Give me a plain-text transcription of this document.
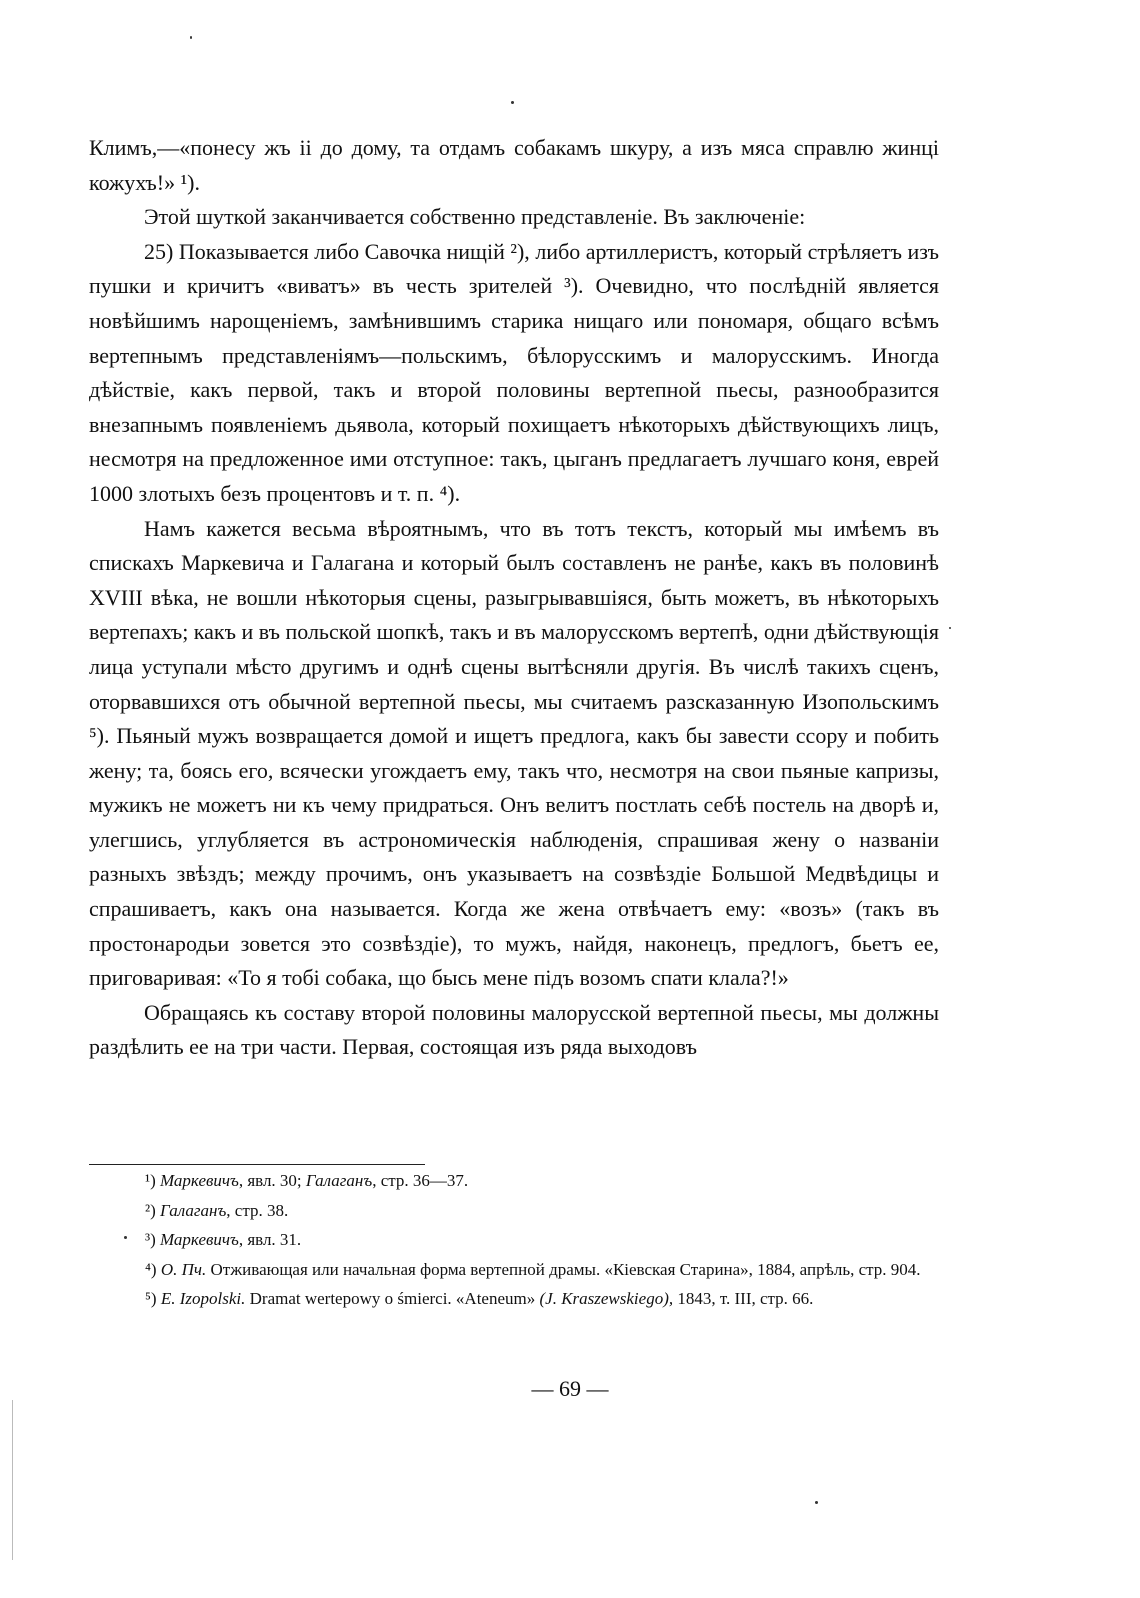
Климъ,—«понесу жъ ii до дому, та отдамъ собакамъ шкуру, а изъ мяса справлю жинці кожухъ!» ¹).

Этой шуткой заканчивается собственно представленіе. Въ заключеніе:

25) Показывается либо Савочка нищій ²), либо артиллеристъ, который стрѣляетъ изъ пушки и кричитъ «виватъ» въ честь зрителей ³). Очевидно, что послѣдній является новѣйшимъ нарощеніемъ, замѣнившимъ старика нищаго или пономаря, общаго всѣмъ вертепнымъ представленіямъ—польскимъ, бѣлорусскимъ и малорусскимъ. Иногда дѣйствіе, какъ первой, такъ и второй половины вертепной пьесы, разнообразится внезапнымъ появленіемъ дьявола, который похищаетъ нѣкоторыхъ дѣйствующихъ лицъ, несмотря на предложенное ими отступное: такъ, цыганъ предлагаетъ лучшаго коня, еврей 1000 злотыхъ безъ процентовъ и т. п. ⁴).

Намъ кажется весьма вѣроятнымъ, что въ тотъ текстъ, который мы имѣемъ въ спискахъ Маркевича и Галагана и который былъ составленъ не ранѣе, какъ въ половинѣ XVIII вѣка, не вошли нѣкоторыя сцены, разыгрывавшіяся, быть можетъ, въ нѣкоторыхъ вертепахъ; какъ и въ польской шопкѣ, такъ и въ малорусскомъ вертепѣ, одни дѣйствующія лица уступали мѣсто другимъ и однѣ сцены вытѣсняли другія. Въ числѣ такихъ сценъ, оторвавшихся отъ обычной вертепной пьесы, мы считаемъ разсказанную Изопольскимъ ⁵). Пьяный мужъ возвращается домой и ищетъ предлога, какъ бы завести ссору и побить жену; та, боясь его, всячески угождаетъ ему, такъ что, несмотря на свои пьяные капризы, мужикъ не можетъ ни къ чему придраться. Онъ велитъ постлать себѣ постель на дворѣ и, улегшись, углубляется въ астрономическія наблюденія, спрашивая жену о названіи разныхъ звѣздъ; между прочимъ, онъ указываетъ на созвѣздіе Большой Медвѣдицы и спрашиваетъ, какъ она называется. Когда же жена отвѣчаетъ ему: «возъ» (такъ въ простонародьи зовется это созвѣздіе), то мужъ, найдя, наконецъ, предлогъ, бьетъ ее, приговаривая: «То я тобі собака, що бысь мене підъ возомъ спати клала?!»

Обращаясь къ составу второй половины малорусской вертепной пьесы, мы должны раздѣлить ее на три части. Первая, состоящая изъ ряда выходовъ

¹) Маркевичъ, явл. 30; Галаганъ, стр. 36—37.

²) Галаганъ, стр. 38.

³) Маркевичъ, явл. 31.

⁴) О. Пч. Отживающая или начальная форма вертепной драмы. «Кіевская Старина», 1884, апрѣль, стр. 904.

⁵) E. Izopolski. Dramat wertepowy o śmierci. «Ateneum» (J. Kraszewskiego), 1843, т. III, стр. 66.

— 69 —
